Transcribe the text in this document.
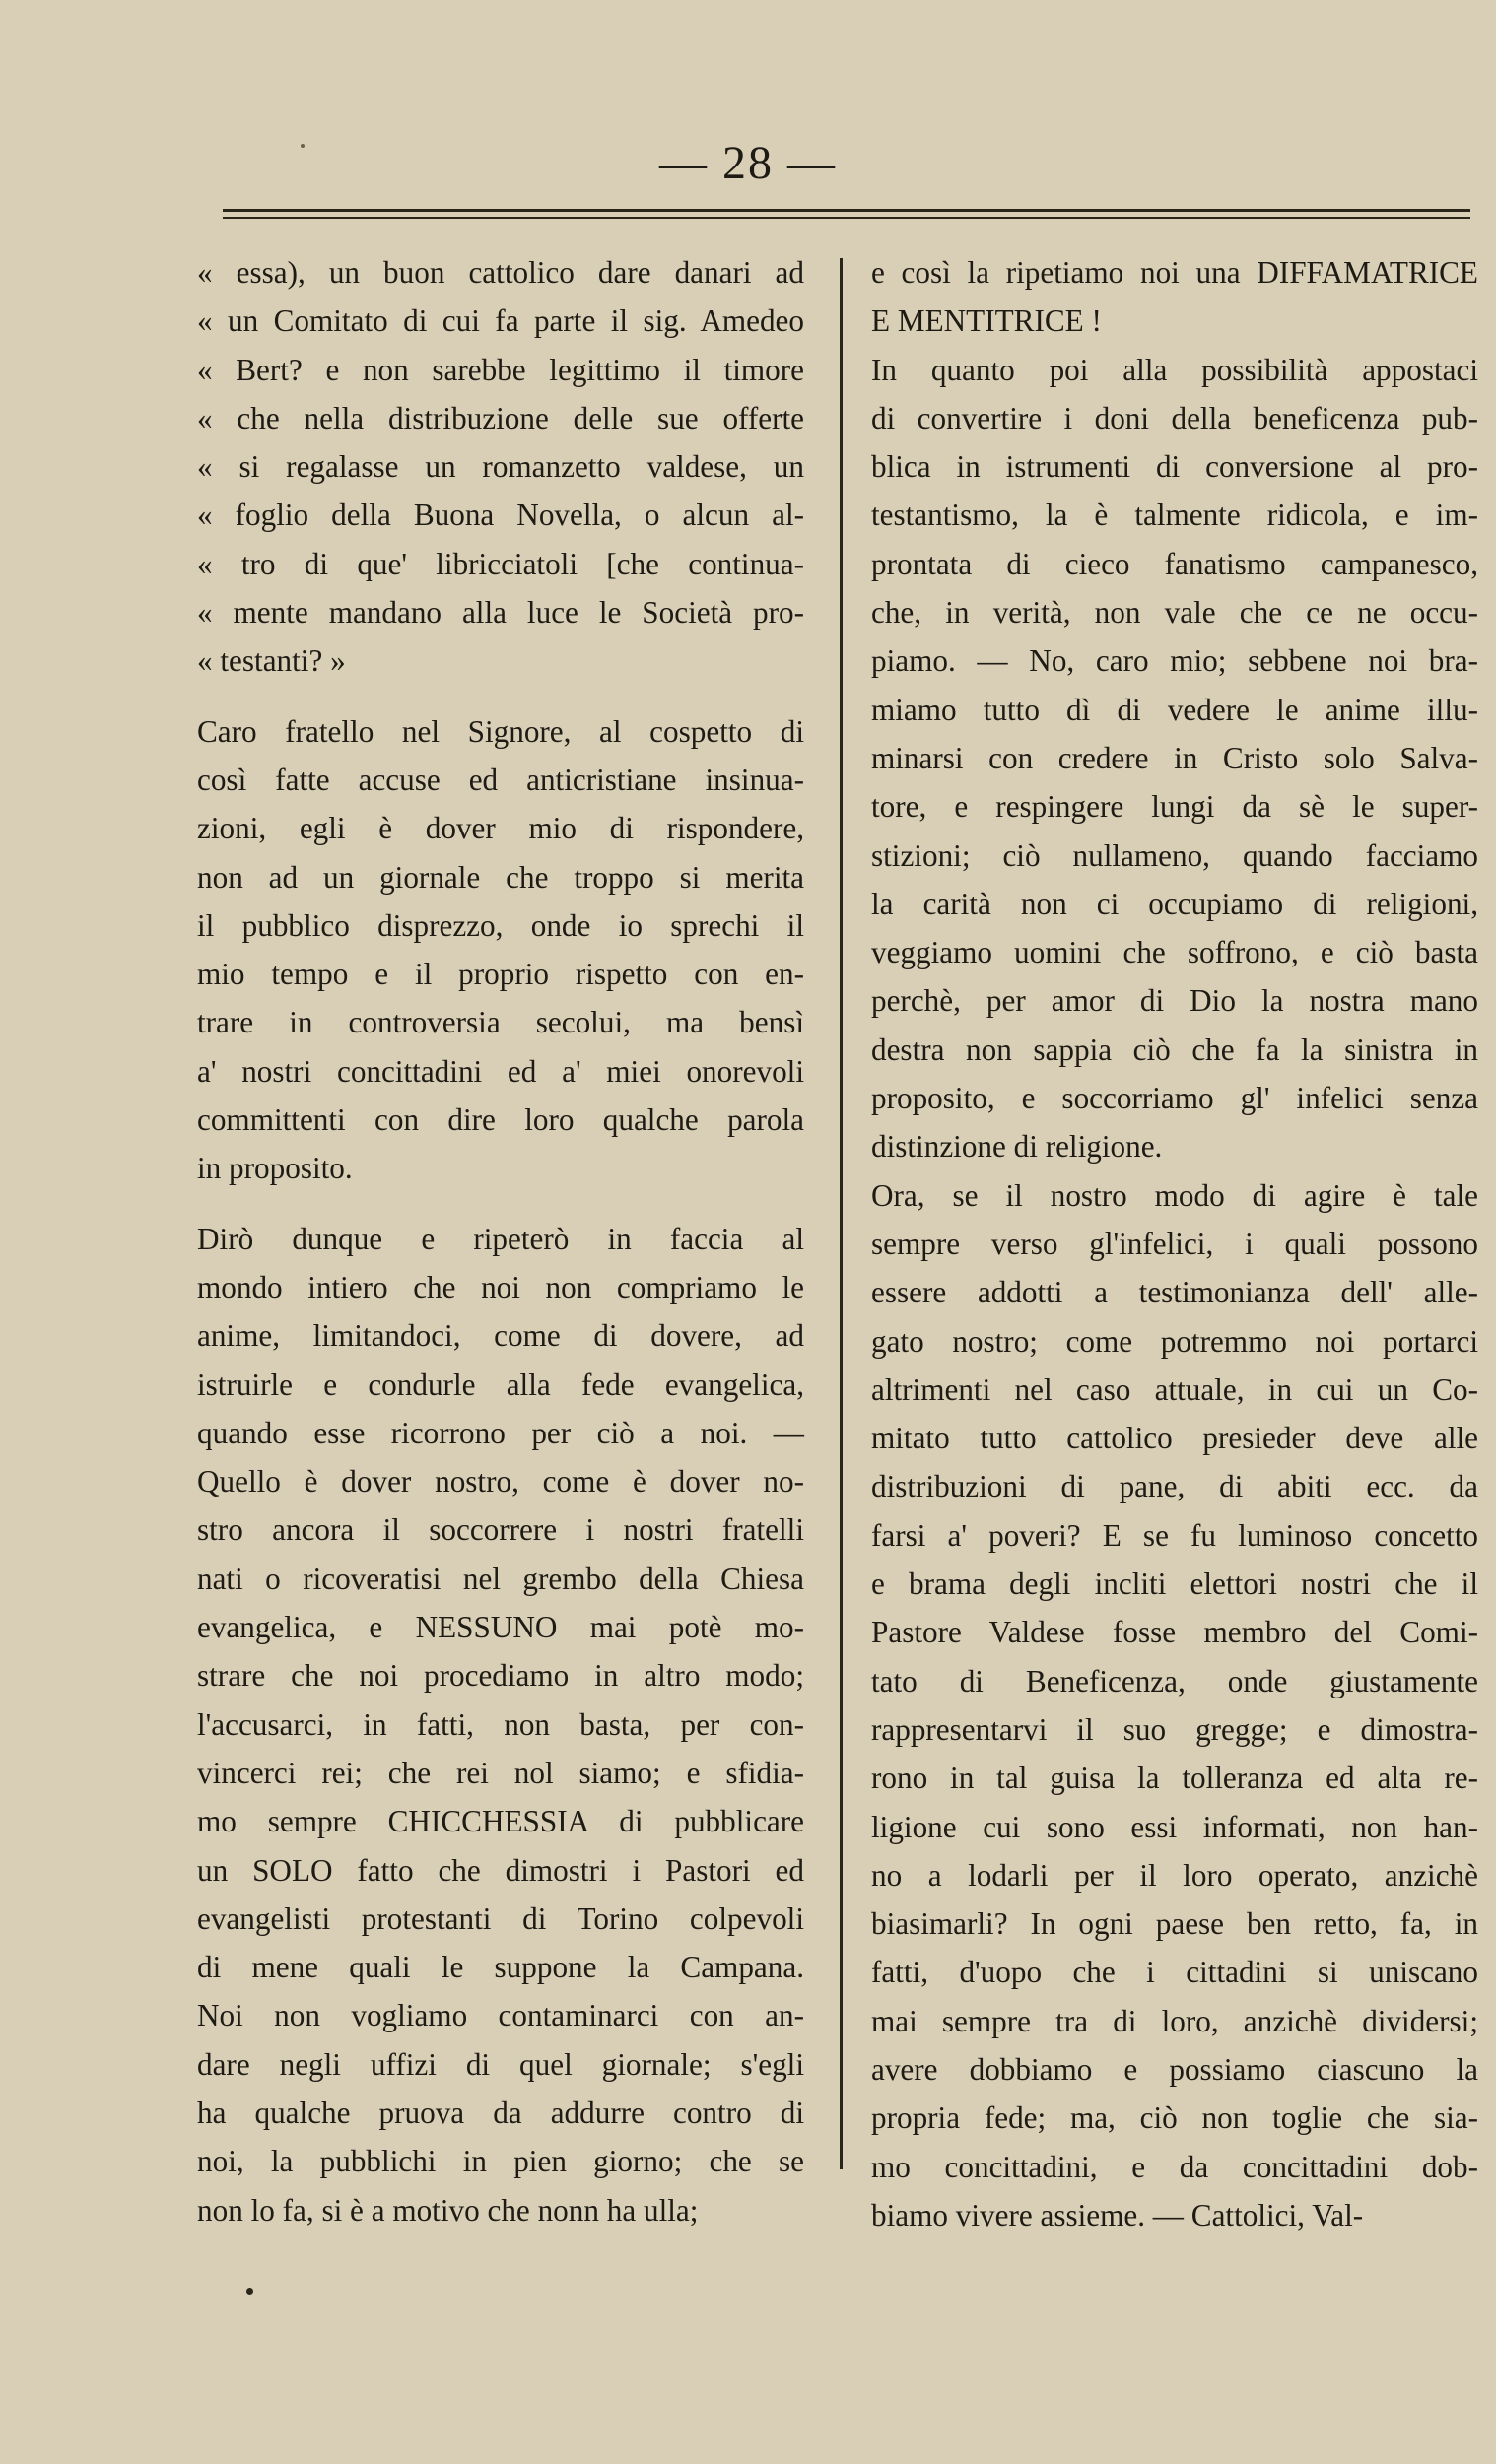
— 28 —

« essa), un buon cattolico dare danari ad
« un Comitato di cui fa parte il sig. Amedeo
« Bert? e non sarebbe legittimo il timore
« che nella distribuzione delle sue offerte
« si regalasse un romanzetto valdese, un
« foglio della Buona Novella, o alcun al-
« tro di que' libricciatoli [che continua-
« mente mandano alla luce le Società pro-
« testanti? »

Caro fratello nel Signore, al cospetto di
così fatte accuse ed anticristiane insinua-
zioni, egli è dover mio di rispondere,
non ad un giornale che troppo si merita
il pubblico disprezzo, onde io sprechi il
mio tempo e il proprio rispetto con en-
trare in controversia secolui, ma bensì
a' nostri concittadini ed a' miei onorevoli
committenti con dire loro qualche parola
in proposito.

Dirò dunque e ripeterò in faccia al
mondo intiero che noi non compriamo le
anime, limitandoci, come di dovere, ad
istruirle e condurle alla fede evangelica,
quando esse ricorrono per ciò a noi. —
Quello è dover nostro, come è dover no-
stro ancora il soccorrere i nostri fratelli
nati o ricoveratisi nel grembo della Chiesa
evangelica, e NESSUNO mai potè mo-
strare che noi procediamo in altro modo;
l'accusarci, in fatti, non basta, per con-
vincerci rei; che rei nol siamo; e sfidia-
mo sempre CHICCHESSIA di pubblicare
un SOLO fatto che dimostri i Pastori ed
evangelisti protestanti di Torino colpevoli
di mene quali le suppone la Campana.
Noi non vogliamo contaminarci con an-
dare negli uffizi di quel giornale; s'egli
ha qualche pruova da addurre contro di
noi, la pubblichi in pien giorno; che se
non lo fa, si è a motivo che nonn ha ulla;

e così la ripetiamo noi una DIFFAMATRICE
E MENTITRICE !

In quanto poi alla possibilità appostaci
di convertire i doni della beneficenza pub-
blica in istrumenti di conversione al pro-
testantismo, la è talmente ridicola, e im-
prontata di cieco fanatismo campanesco,
che, in verità, non vale che ce ne occu-
piamo. — No, caro mio; sebbene noi bra-
miamo tutto dì di vedere le anime illu-
minarsi con credere in Cristo solo Salva-
tore, e respingere lungi da sè le super-
stizioni; ciò nullameno, quando facciamo
la carità non ci occupiamo di religioni,
veggiamo uomini che soffrono, e ciò basta
perchè, per amor di Dio la nostra mano
destra non sappia ciò che fa la sinistra in
proposito, e soccorriamo gl' infelici senza
distinzione di religione.

Ora, se il nostro modo di agire è tale
sempre verso gl'infelici, i quali possono
essere addotti a testimonianza dell' alle-
gato nostro; come potremmo noi portarci
altrimenti nel caso attuale, in cui un Co-
mitato tutto cattolico presieder deve alle
distribuzioni di pane, di abiti ecc. da
farsi a' poveri? E se fu luminoso concetto
e brama degli incliti elettori nostri che il
Pastore Valdese fosse membro del Comi-
tato di Beneficenza, onde giustamente
rappresentarvi il suo gregge; e dimostra-
rono in tal guisa la tolleranza ed alta re-
ligione cui sono essi informati, non han-
no a lodarli per il loro operato, anzichè
biasimarli? In ogni paese ben retto, fa, in
fatti, d'uopo che i cittadini si uniscano
mai sempre tra di loro, anzichè dividersi;
avere dobbiamo e possiamo ciascuno la
propria fede; ma, ciò non toglie che sia-
mo concittadini, e da concittadini dob-
biamo vivere assieme. — Cattolici, Val-
